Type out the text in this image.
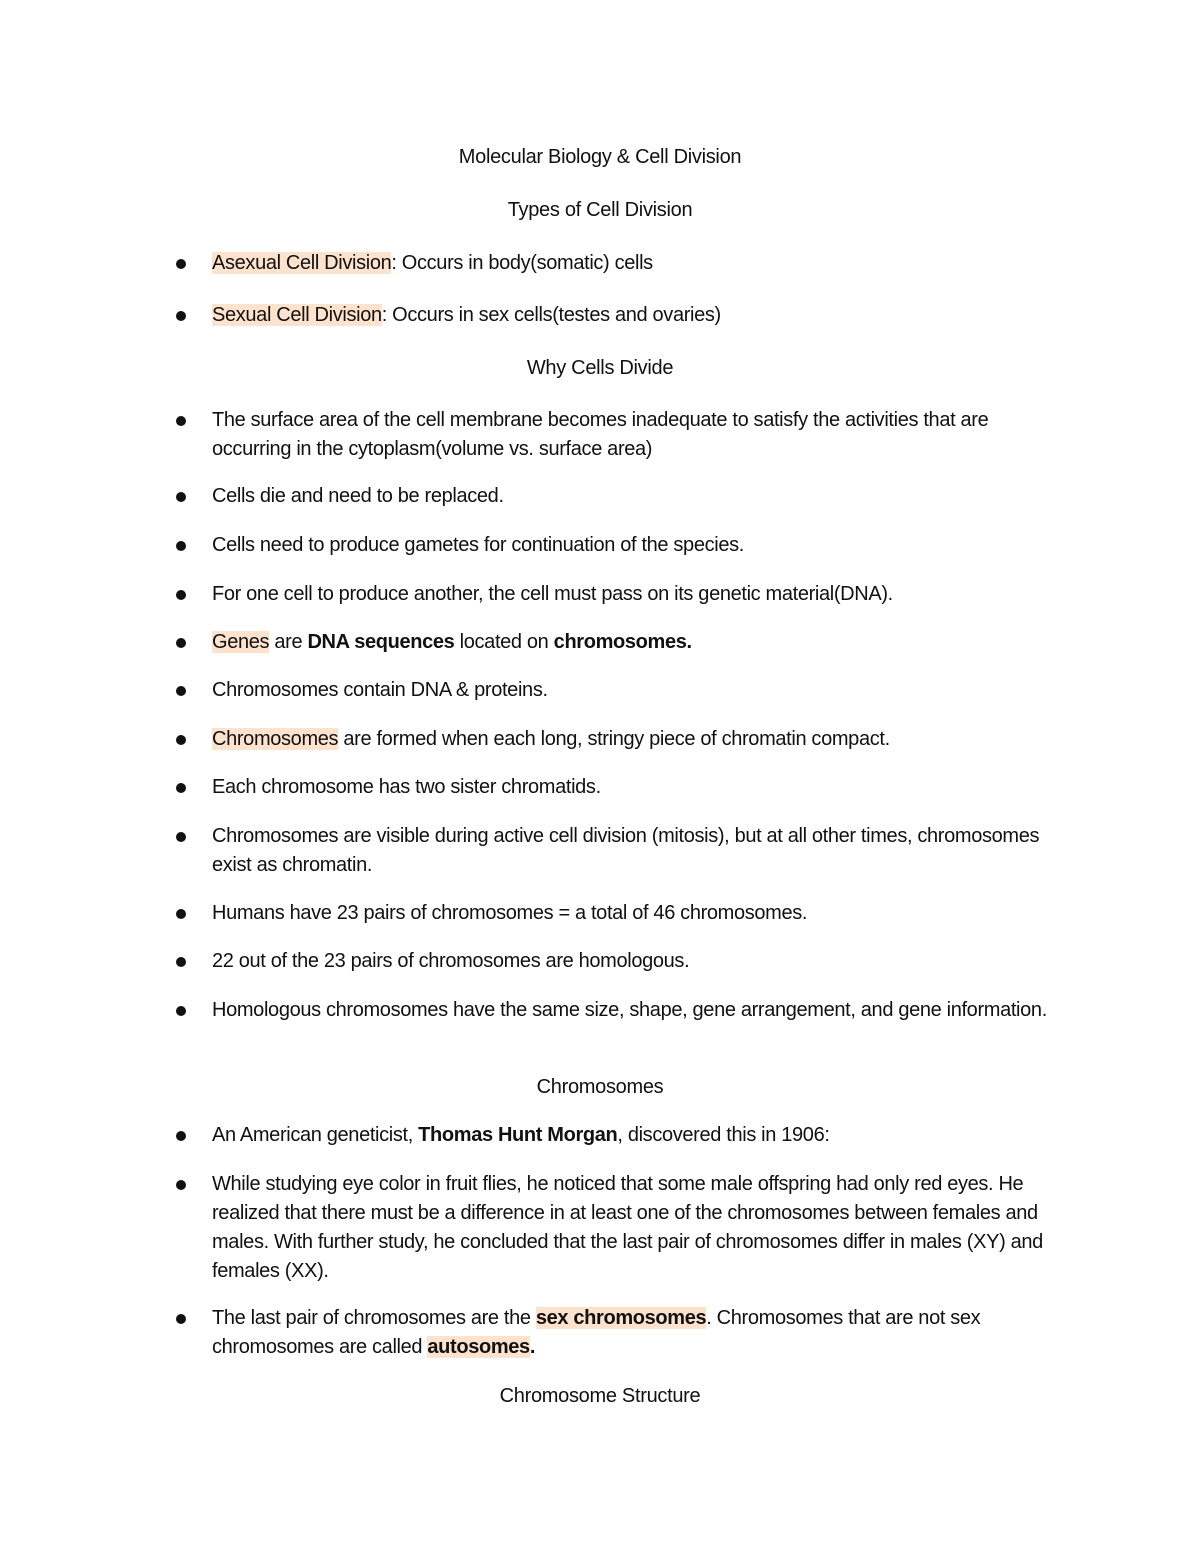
Molecular Biology & Cell Division
Types of Cell Division
Asexual Cell Division: Occurs in body(somatic) cells
Sexual Cell Division: Occurs in sex cells(testes and ovaries)
Why Cells Divide
The surface area of the cell membrane becomes inadequate to satisfy the activities that are occurring in the cytoplasm(volume vs. surface area)
Cells die and need to be replaced.
Cells need to produce gametes for continuation of the species.
For one cell to produce another, the cell must pass on its genetic material(DNA).
Genes are DNA sequences located on chromosomes.
Chromosomes contain DNA & proteins.
Chromosomes are formed when each long, stringy piece of chromatin compact.
Each chromosome has two sister chromatids.
Chromosomes are visible during active cell division (mitosis), but at all other times, chromosomes exist as chromatin.
Humans have 23 pairs of chromosomes = a total of 46 chromosomes.
22 out of the 23 pairs of chromosomes are homologous.
Homologous chromosomes have the same size, shape, gene arrangement, and gene information.
Chromosomes
An American geneticist, Thomas Hunt Morgan, discovered this in 1906:
While studying eye color in fruit flies, he noticed that some male offspring had only red eyes. He realized that there must be a difference in at least one of the chromosomes between females and males. With further study, he concluded that the last pair of chromosomes differ in males (XY) and females (XX).
The last pair of chromosomes are the sex chromosomes. Chromosomes that are not sex chromosomes are called autosomes.
Chromosome Structure
